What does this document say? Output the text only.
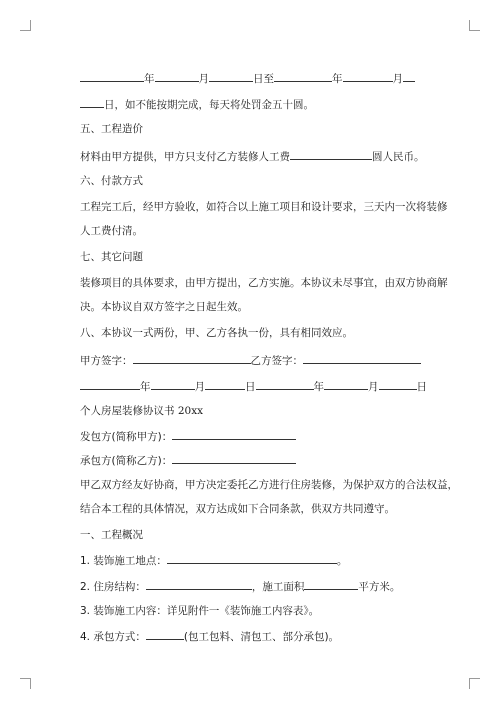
年	月	日至	年	月
日，如不能按期完成，每天将处罚金五十圆。
五、工程造价
材料由甲方提供，甲方只支付乙方装修人工费	圆人民币。
六、付款方式
工程完工后，经甲方验收，如符合以上施工项目和设计要求，三天内一次将装修
人工费付清。
七、其它问题
装修项目的具体要求，由甲方提出，乙方实施。本协议未尽事宜，由双方协商解
决。本协议自双方签字之日起生效。
八、本协议一式两份，甲、乙方各执一份，具有相同效应。
甲方签字：	乙方签字：
年	月	日	年	月	日
个人房屋装修协议书 20xx
发包方(简称甲方)：
承包方(简称乙方)：
甲乙双方经友好协商，甲方决定委托乙方进行住房装修，为保护双方的合法权益，
结合本工程的具体情况，双方达成如下合同条款，供双方共同遵守。
一、工程概况
1. 装饰施工地点：	。
2. 住房结构：	，施工面积	平方米。
3. 装饰施工内容：详见附件一《装饰施工内容表》。
4. 承包方式：	(包工包料、清包工、部分承包)。
